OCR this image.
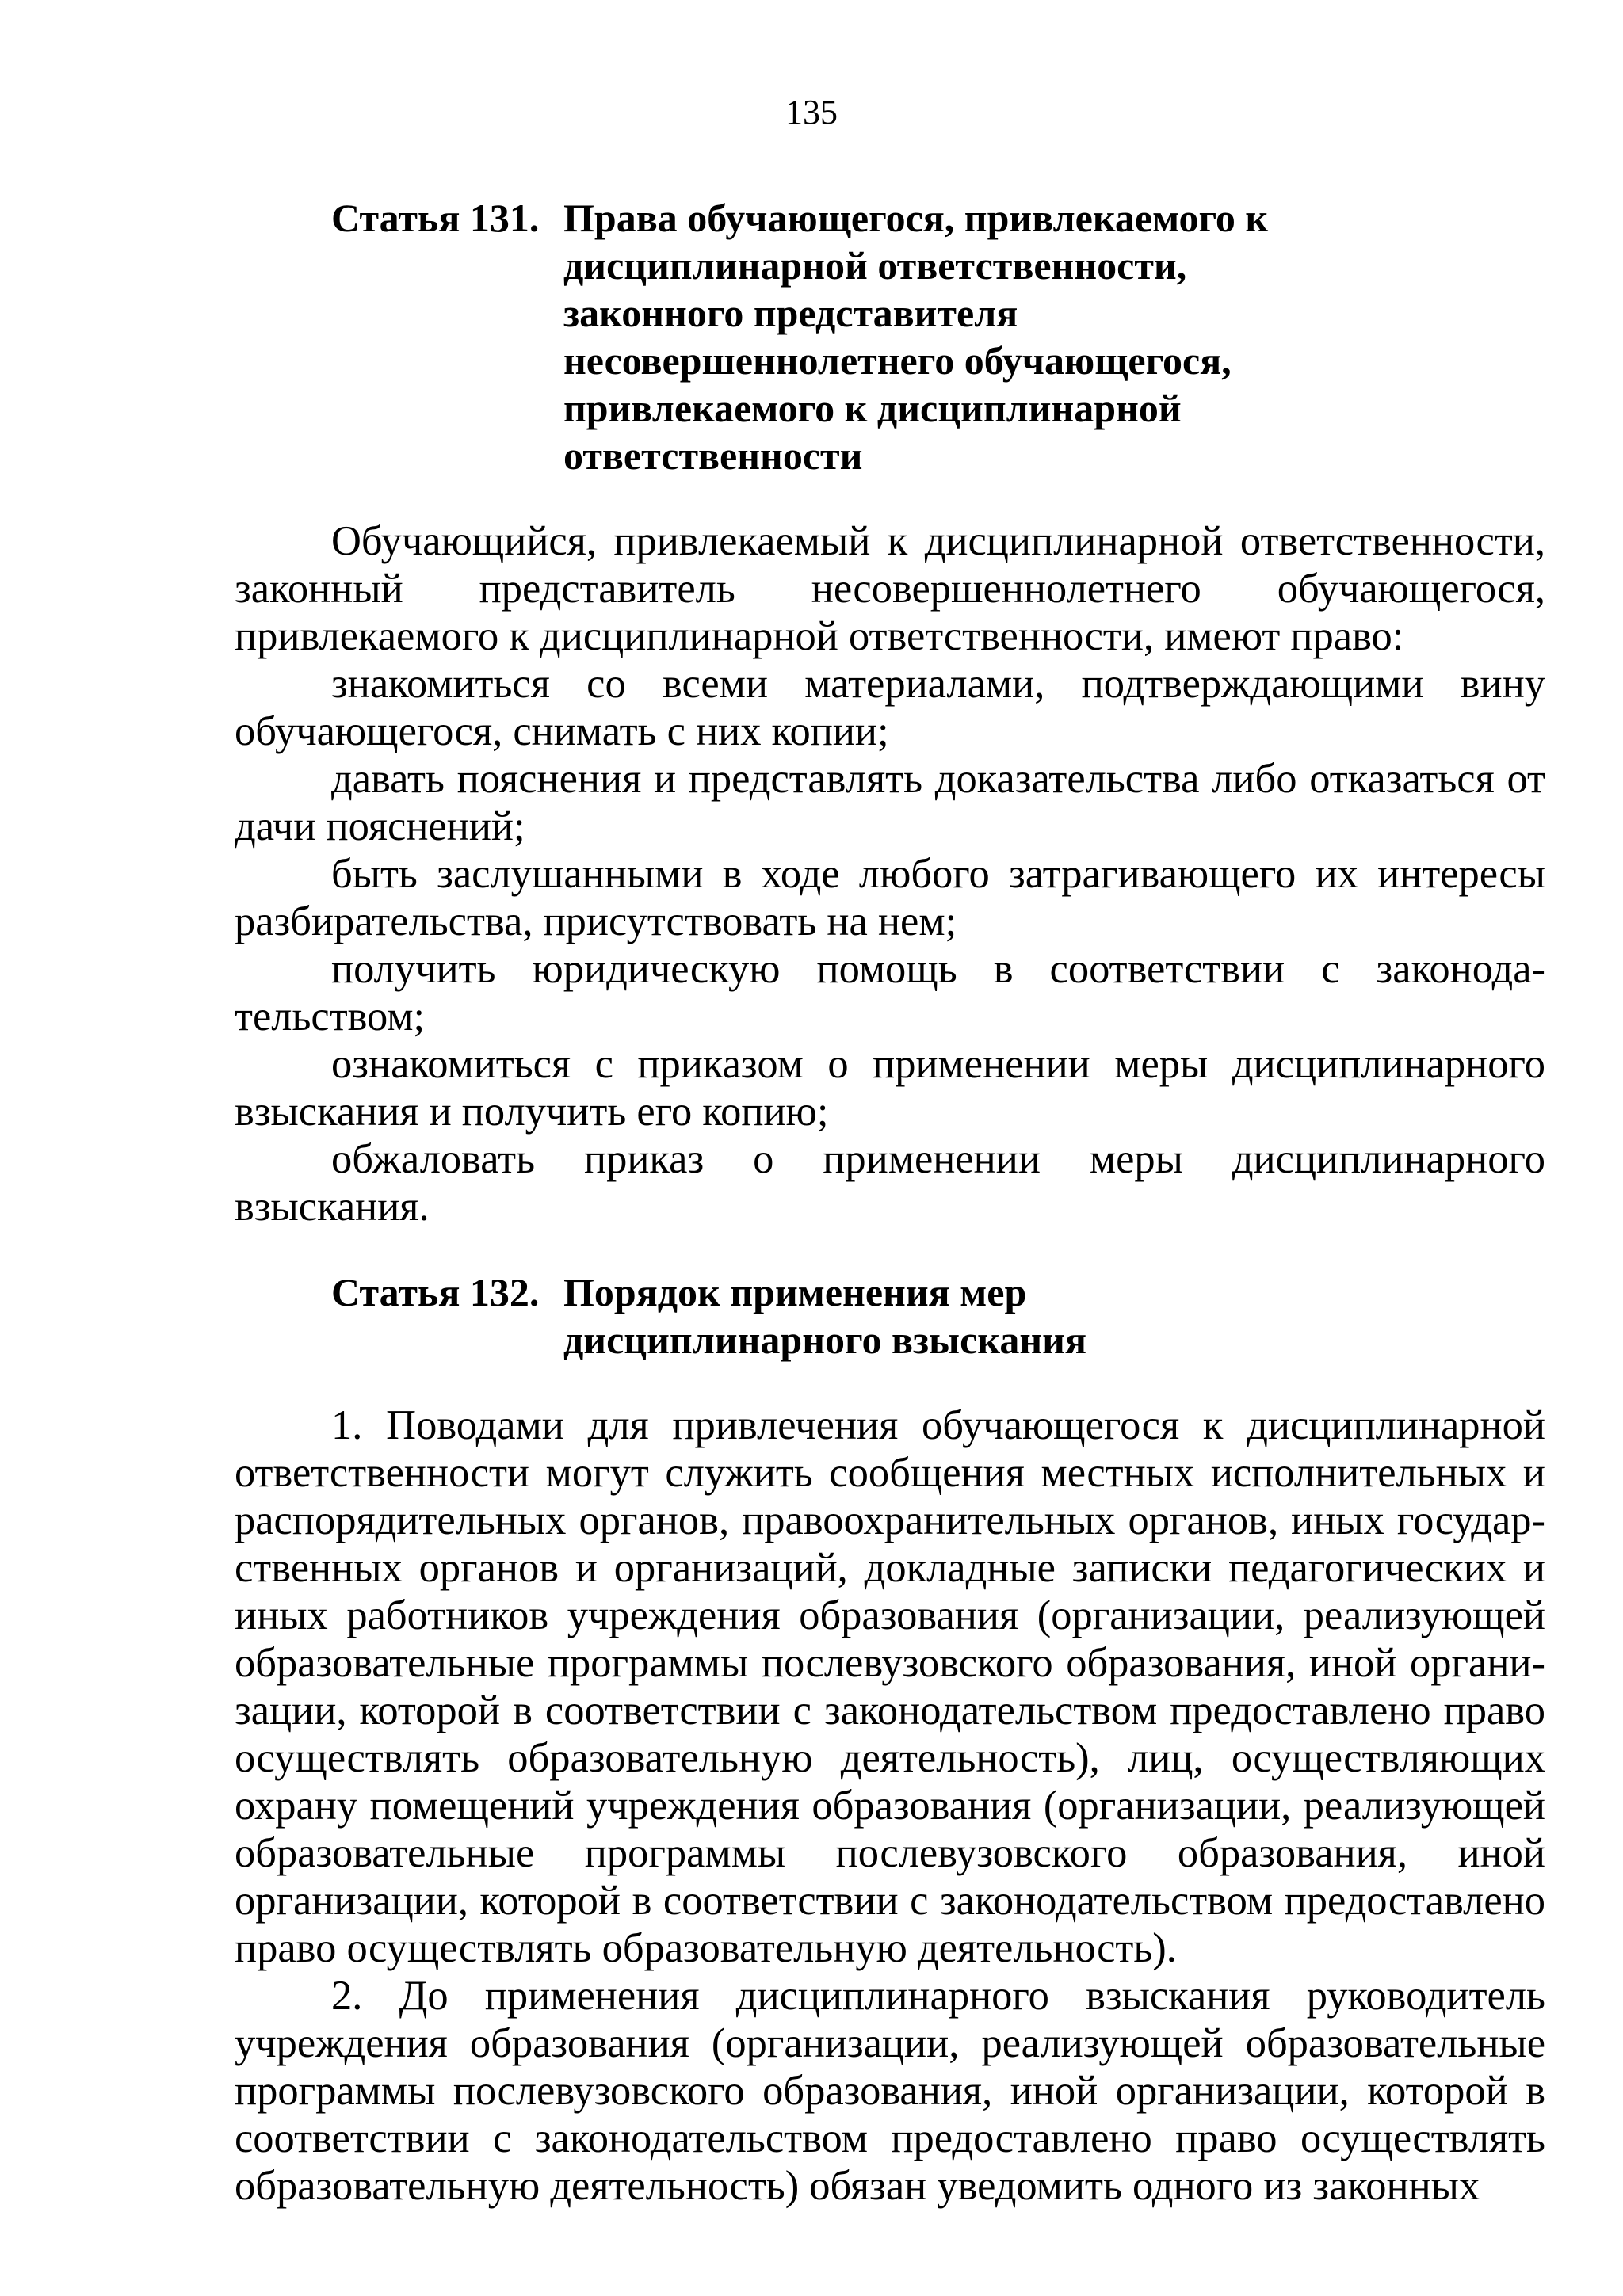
135
Статья 131. Права обучающегося, привлекаемого к дисциплинарной ответственности, законного представителя несовершеннолетнего обучающегося, привлекаемого к дисциплинарной ответственности

Обучающийся, привлекаемый к дисциплинарной ответственности, законный представитель несовершеннолетнего обучающегося, привлекаемого к дисциплинарной ответственности, имеют право:

знакомиться со всеми материалами, подтверждающими вину обучающегося, снимать с них копии;

давать пояснения и представлять доказательства либо отказаться от дачи пояснений;

быть заслушанными в ходе любого затрагивающего их интересы разбирательства, присутствовать на нем;

получить юридическую помощь в соответствии с законодательством;

ознакомиться с приказом о применении меры дисциплинарного взыскания и получить его копию;

обжаловать приказ о применении меры дисциплинарного взыскания.

Статья 132. Порядок применения мер дисциплинарного взыскания

1. Поводами для привлечения обучающегося к дисциплинарной ответственности могут служить сообщения местных исполнительных и распорядительных органов, правоохранительных органов, иных государственных органов и организаций, докладные записки педагогических и иных работников учреждения образования (организации, реализующей образовательные программы послевузовского образования, иной организации, которой в соответствии с законодательством предоставлено право осуществлять образовательную деятельность), лиц, осуществляющих охрану помещений учреждения образования (организации, реализующей образовательные программы послевузовского образования, иной организации, которой в соответствии с законодательством предоставлено право осуществлять образовательную деятельность).

2. До применения дисциплинарного взыскания руководитель учреждения образования (организации, реализующей образовательные программы послевузовского образования, иной организации, которой в соответствии с законодательством предоставлено право осуществлять образовательную деятельность) обязан уведомить одного из законных
